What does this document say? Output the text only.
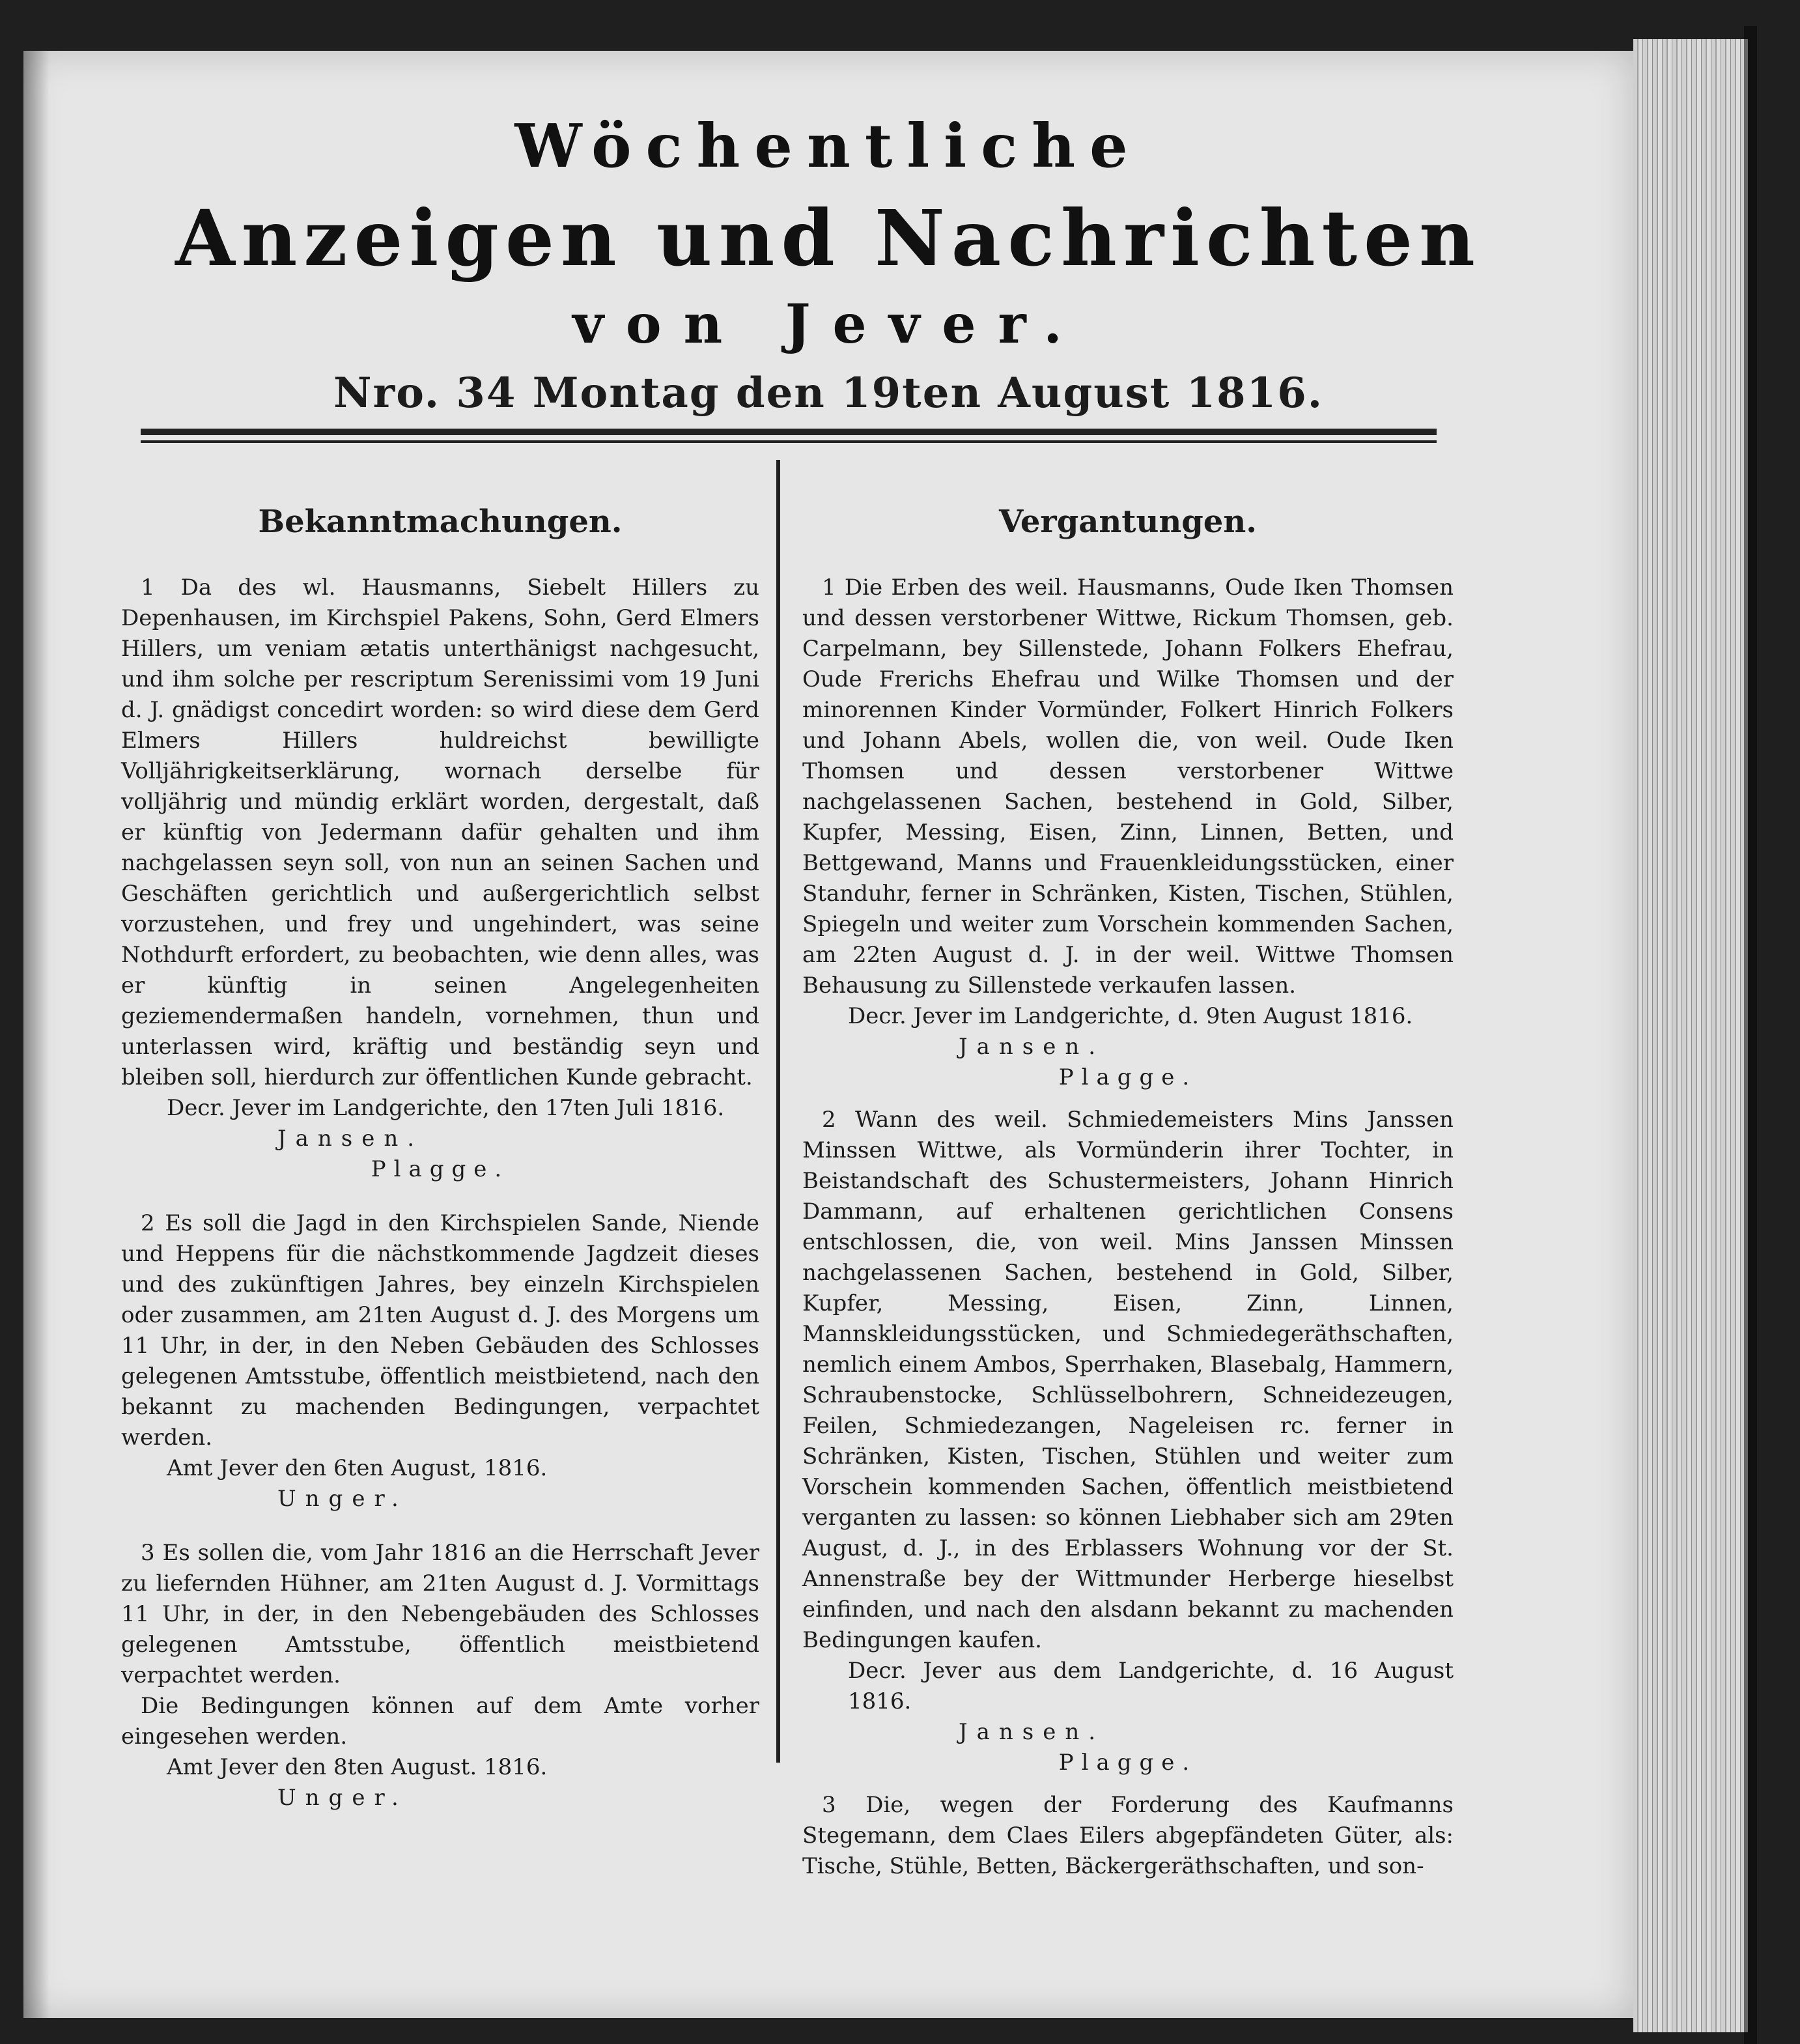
Wöchentliche
Anzeigen und Nachrichten
von Jever.
Nro. 34 Montag den 19ten August 1816.
Bekanntmachungen.

1 Da des wl. Hausmanns, Siebelt Hillers zu Depenhausen, im Kirchspiel Pakens, Sohn, Gerd Elmers Hillers, um veniam ætatis unterthänigst nachgesucht, und ihm solche per rescriptum Serenissimi vom 19 Juni d. J. gnädigst concedirt worden: so wird diese dem Gerd Elmers Hillers huldreichst bewilligte Volljährigkeitserklärung, wornach derselbe für volljährig und mündig erklärt worden, dergestalt, daß er künftig von Jedermann dafür gehalten und ihm nachgelassen seyn soll, von nun an seinen Sachen und Geschäften gerichtlich und außergerichtlich selbst vorzustehen, und frey und ungehindert, was seine Nothdurft erfordert, zu beobachten, wie denn alles, was er künftig in seinen Angelegenheiten geziemendermaßen handeln, vornehmen, thun und unterlassen wird, kräftig und beständig seyn und bleiben soll, hierdurch zur öffentlichen Kunde gebracht.

Decr. Jever im Landgerichte, den 17ten Juli 1816.

Jansen.

Plagge.

2 Es soll die Jagd in den Kirchspielen Sande, Niende und Heppens für die nächstkommende Jagdzeit dieses und des zukünftigen Jahres, bey einzeln Kirchspielen oder zusammen, am 21ten August d. J. des Morgens um 11 Uhr, in der, in den Neben Gebäuden des Schlosses gelegenen Amtsstube, öffentlich meistbietend, nach den bekannt zu machenden Bedingungen, verpachtet werden.

Amt Jever den 6ten August, 1816.

Unger.

3 Es sollen die, vom Jahr 1816 an die Herrschaft Jever zu liefernden Hühner, am 21ten August d. J. Vormittags 11 Uhr, in der, in den Nebengebäuden des Schlosses gelegenen Amtsstube, öffentlich meistbietend verpachtet werden.

Die Bedingungen können auf dem Amte vorher eingesehen werden.

Amt Jever den 8ten August. 1816.

Unger.

Vergantungen.

1 Die Erben des weil. Hausmanns, Oude Iken Thomsen und dessen verstorbener Wittwe, Rickum Thomsen, geb. Carpelmann, bey Sillenstede, Johann Folkers Ehefrau, Oude Frerichs Ehefrau und Wilke Thomsen und der minorennen Kinder Vormünder, Folkert Hinrich Folkers und Johann Abels, wollen die, von weil. Oude Iken Thomsen und dessen verstorbener Wittwe nachgelassenen Sachen, bestehend in Gold, Silber, Kupfer, Messing, Eisen, Zinn, Linnen, Betten, und Bettgewand, Manns und Frauenkleidungsstücken, einer Standuhr, ferner in Schränken, Kisten, Tischen, Stühlen, Spiegeln und weiter zum Vorschein kommenden Sachen, am 22ten August d. J. in der weil. Wittwe Thomsen Behausung zu Sillenstede verkaufen lassen.

Decr. Jever im Landgerichte, d. 9ten August 1816.

Jansen.

Plagge.

2 Wann des weil. Schmiedemeisters Mins Janssen Minssen Wittwe, als Vormünderin ihrer Tochter, in Beistandschaft des Schustermeisters, Johann Hinrich Dammann, auf erhaltenen gerichtlichen Consens entschlossen, die, von weil. Mins Janssen Minssen nachgelassenen Sachen, bestehend in Gold, Silber, Kupfer, Messing, Eisen, Zinn, Linnen, Mannskleidungsstücken, und Schmiedegeräthschaften, nemlich einem Ambos, Sperrhaken, Blasebalg, Hammern, Schraubenstocke, Schlüsselbohrern, Schneidezeugen, Feilen, Schmiedezangen, Nageleisen rc. ferner in Schränken, Kisten, Tischen, Stühlen und weiter zum Vorschein kommenden Sachen, öffentlich meistbietend verganten zu lassen: so können Liebhaber sich am 29ten August, d. J., in des Erblassers Wohnung vor der St. Annenstraße bey der Wittmunder Herberge hieselbst einfinden, und nach den alsdann bekannt zu machenden Bedingungen kaufen.

Decr. Jever aus dem Landgerichte, d. 16 August 1816.

Jansen.

Plagge.

3 Die, wegen der Forderung des Kaufmanns Stegemann, dem Claes Eilers abgepfändeten Güter, als: Tische, Stühle, Betten, Bäckergeräthschaften, und son-
